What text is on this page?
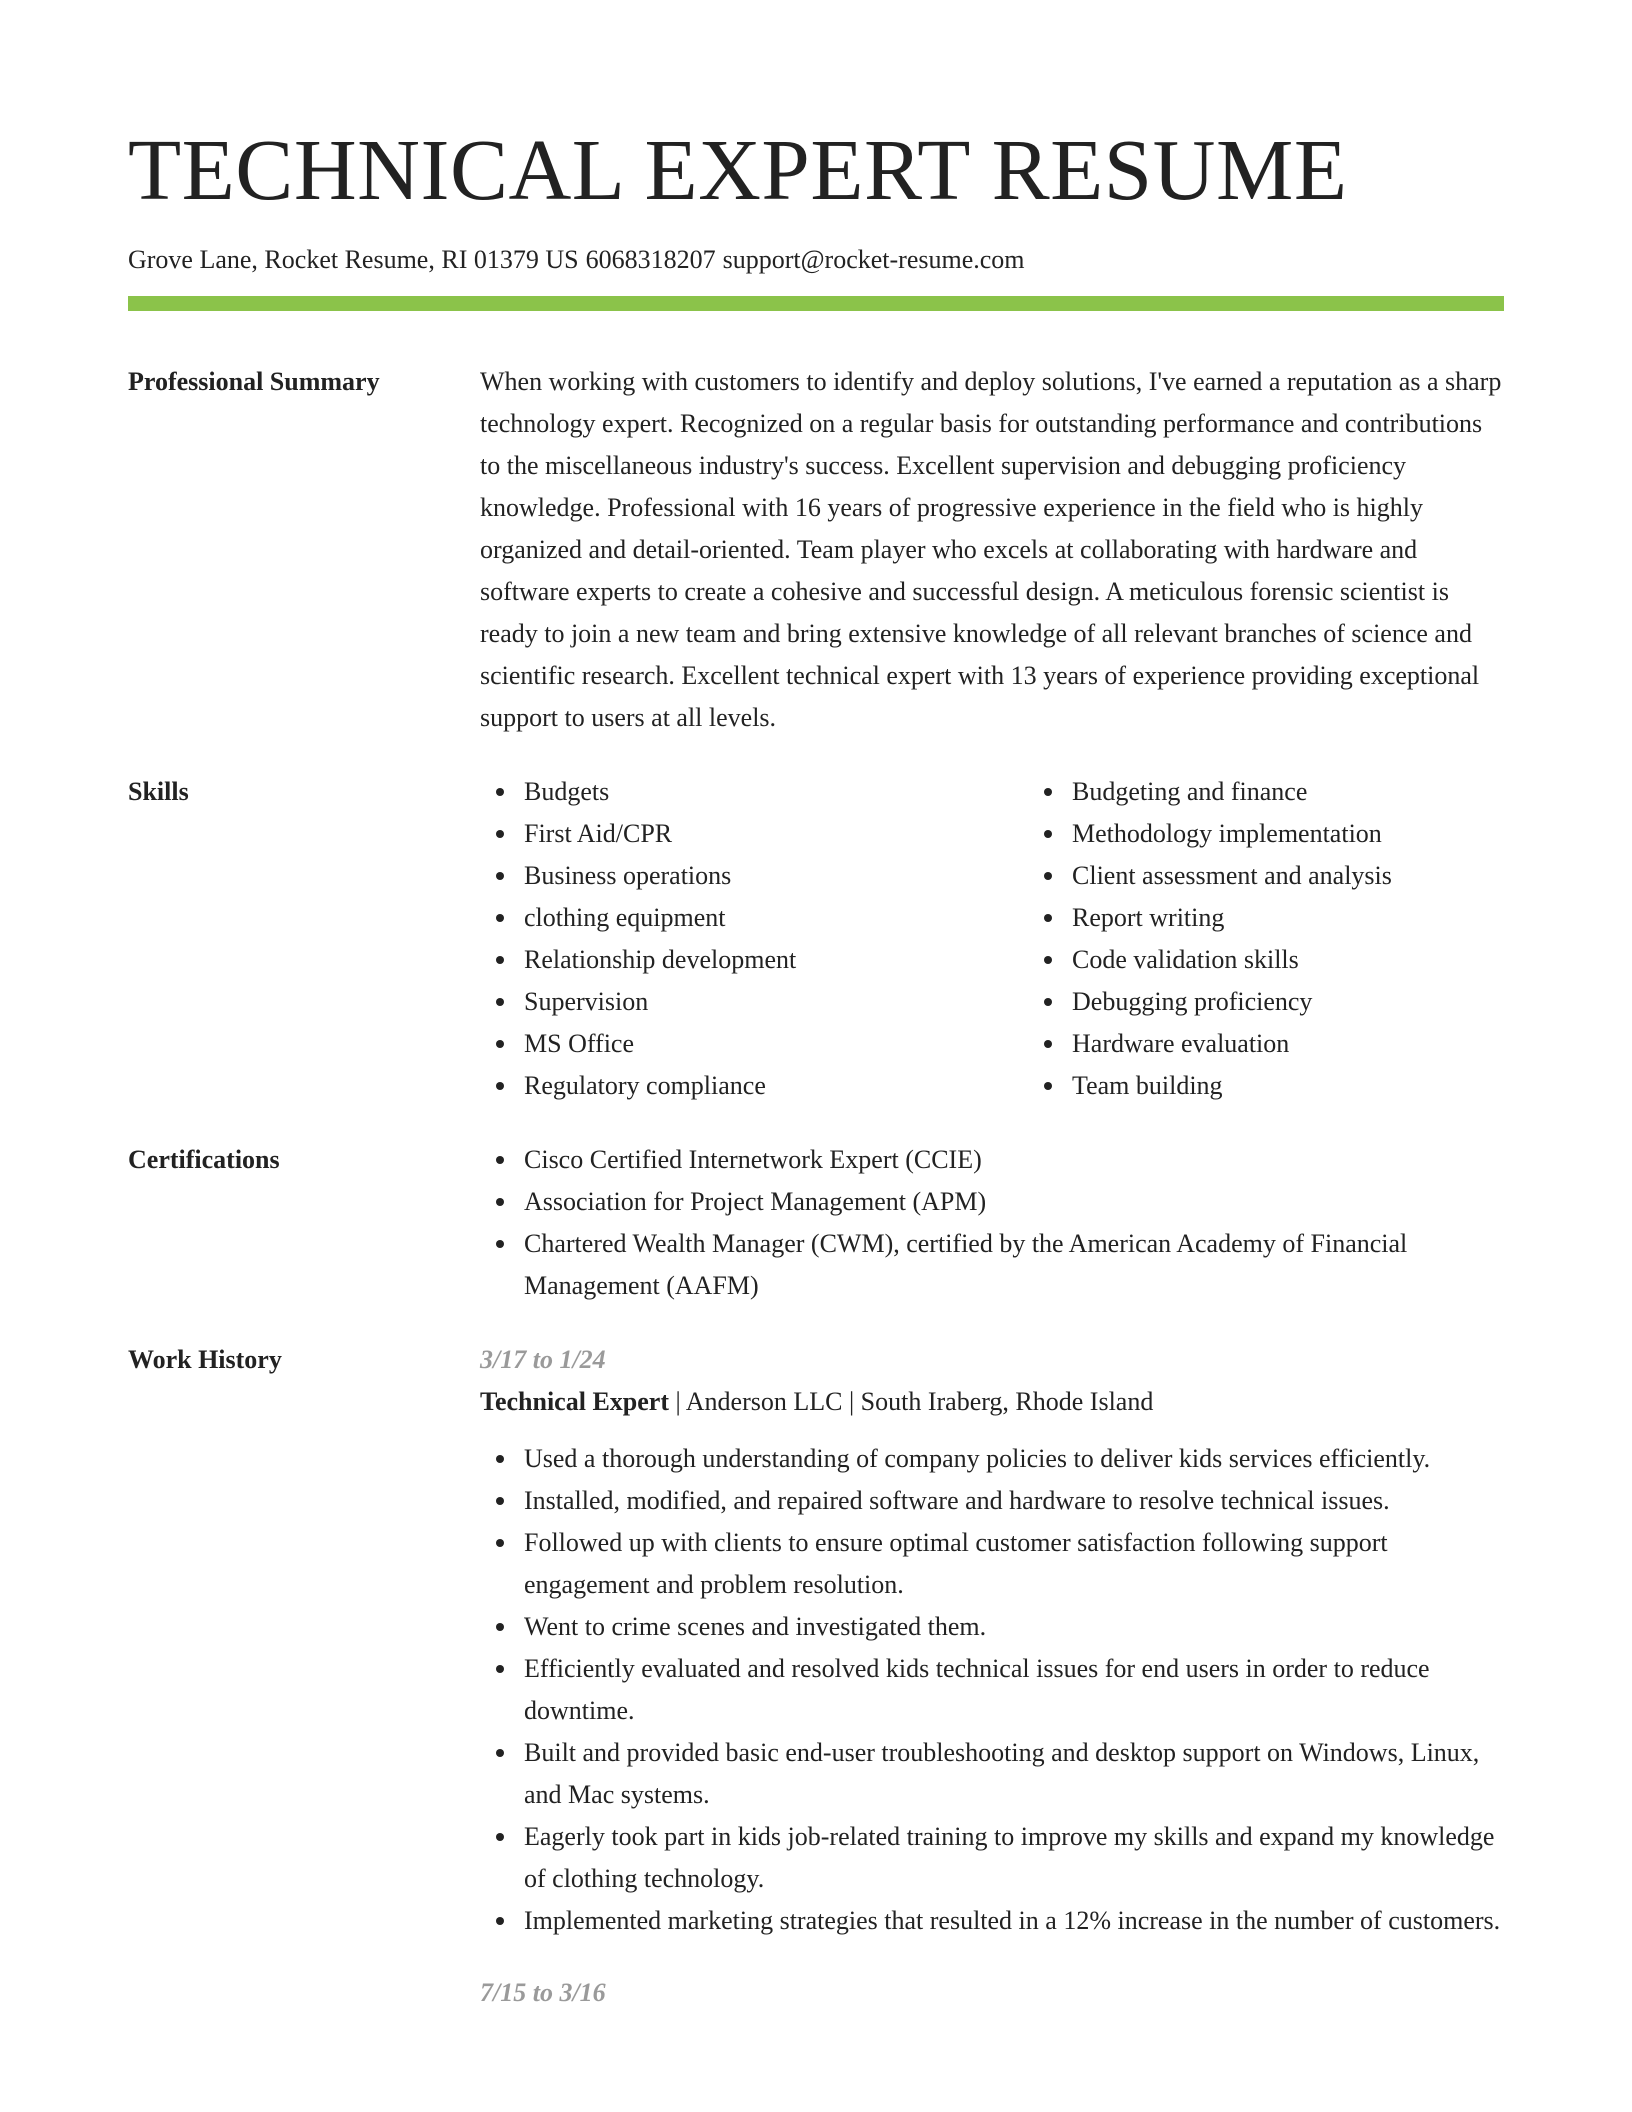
TECHNICAL EXPERT RESUME
Grove Lane, Rocket Resume, RI 01379 US 6068318207 support@rocket-resume.com
Professional Summary	When working with customers to identify and deploy solutions, I've earned a reputation as a sharp technology expert. Recognized on a regular basis for outstanding performance and contributions to the miscellaneous industry's success. Excellent supervision and debugging proficiency knowledge. Professional with 16 years of progressive experience in the field who is highly organized and detail-oriented. Team player who excels at collaborating with hardware and software experts to create a cohesive and successful design. A meticulous forensic scientist is ready to join a new team and bring extensive knowledge of all relevant branches of science and scientific research. Excellent technical expert with 13 years of experience providing exceptional support to users at all levels.
Skills	Budgets
First Aid/CPR
Business operations
clothing equipment
Relationship development
Supervision
MS Office
Regulatory compliance
Budgeting and finance
Methodology implementation
Client assessment and analysis
Report writing
Code validation skills
Debugging proficiency
Hardware evaluation
Team building
Certifications	Cisco Certified Internetwork Expert (CCIE)
Association for Project Management (APM)
Chartered Wealth Manager (CWM), certified by the American Academy of Financial Management (AAFM)
Work History	3/17 to 1/24
Technical Expert | Anderson LLC | South Iraberg, Rhode Island
Used a thorough understanding of company policies to deliver kids services efficiently.
Installed, modified, and repaired software and hardware to resolve technical issues.
Followed up with clients to ensure optimal customer satisfaction following support engagement and problem resolution.
Went to crime scenes and investigated them.
Efficiently evaluated and resolved kids technical issues for end users in order to reduce downtime.
Built and provided basic end-user troubleshooting and desktop support on Windows, Linux, and Mac systems.
Eagerly took part in kids job-related training to improve my skills and expand my knowledge of clothing technology.
Implemented marketing strategies that resulted in a 12% increase in the number of customers.
7/15 to 3/16
